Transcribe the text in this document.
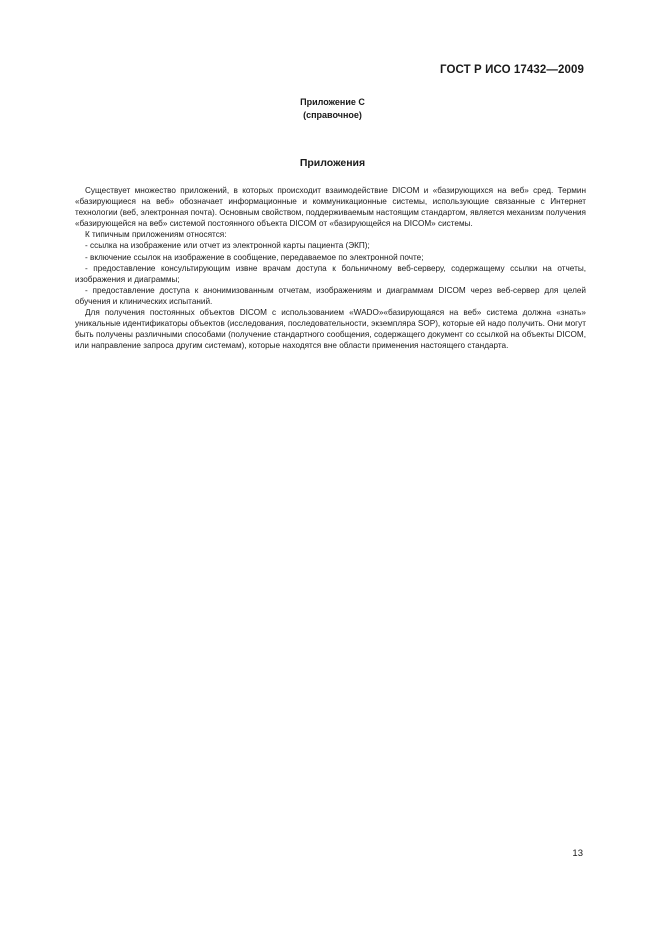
ГОСТ Р ИСО 17432—2009
Приложение С
(справочное)
Приложения

Существует множество приложений, в которых происходит взаимодействие DICOM и «базирующихся на веб» сред. Термин «базирующиеся на веб» обозначает информационные и коммуникационные системы, использующие связанные с Интернет технологии (веб, электронная почта). Основным свойством, поддерживаемым настоящим стандартом, является механизм получения «базирующейся на веб» системой постоянного объекта DICOM от «базирующейся на DICOM» системы.

К типичным приложениям относятся:

- ссылка на изображение или отчет из электронной карты пациента (ЭКП);

- включение ссылок на изображение в сообщение, передаваемое по электронной почте;

- предоставление консультирующим извне врачам доступа к больничному веб-серверу, содержащему ссылки на отчеты, изображения и диаграммы;

- предоставление доступа к анонимизованным отчетам, изображениям и диаграммам DICOM через веб-сервер для целей обучения и клинических испытаний.

Для получения постоянных объектов DICOM с использованием «WADO»«базирующаяся на веб» система должна «знать» уникальные идентификаторы объектов (исследования, последовательности, экземпляра SOP), которые ей надо получить. Они могут быть получены различными способами (получение стандартного сообщения, содержащего документ со ссылкой на объекты DICOM, или направление запроса другим системам), которые находятся вне области применения настоящего стандарта.

13
